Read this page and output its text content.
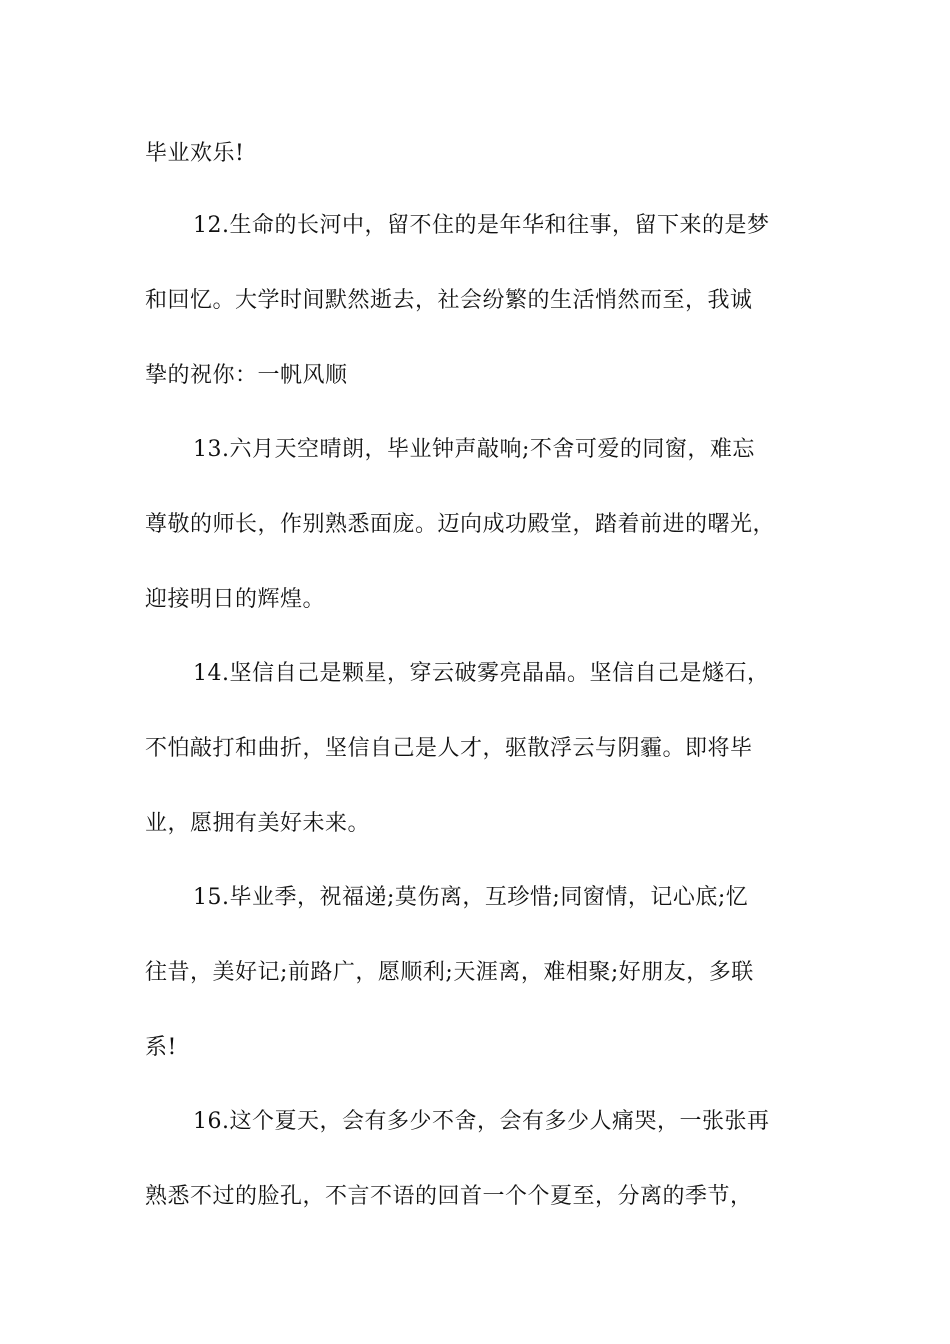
毕业欢乐!
12.生命的长河中，留不住的是年华和往事，留下来的是梦
和回忆。大学时间默然逝去，社会纷繁的生活悄然而至，我诚
挚的祝你：一帆风顺
13.六月天空晴朗，毕业钟声敲响;不舍可爱的同窗，难忘
尊敬的师长，作别熟悉面庞。迈向成功殿堂，踏着前进的曙光，
迎接明日的辉煌。
14.坚信自己是颗星，穿云破雾亮晶晶。坚信自己是燧石，
不怕敲打和曲折，坚信自己是人才，驱散浮云与阴霾。即将毕
业，愿拥有美好未来。
15.毕业季，祝福递;莫伤离，互珍惜;同窗情，记心底;忆
往昔，美好记;前路广，愿顺利;天涯离，难相聚;好朋友，多联
系!
16.这个夏天，会有多少不舍，会有多少人痛哭，一张张再
熟悉不过的脸孔，不言不语的回首一个个夏至，分离的季节，
